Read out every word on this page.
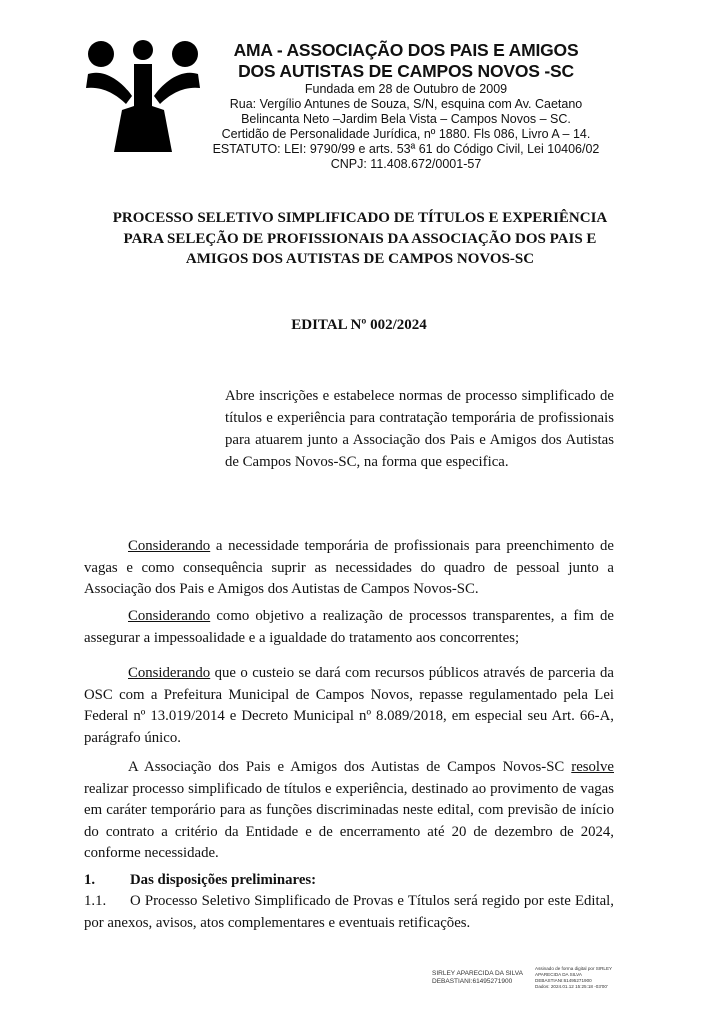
AMA - ASSOCIAÇÃO DOS PAIS E AMIGOS

DOS AUTISTAS DE CAMPOS NOVOS -SC

Fundada em 28 de Outubro de 2009

Rua: Vergílio Antunes de Souza, S/N, esquina com Av. Caetano

Belincanta Neto –Jardim Bela Vista – Campos Novos – SC.

Certidão de Personalidade Jurídica, nº 1880. Fls 086, Livro A – 14.

ESTATUTO: LEI: 9790/99 e arts. 53ª 61 do Código Civil, Lei 10406/02

CNPJ: 11.408.672/0001-57

PROCESSO SELETIVO SIMPLIFICADO DE TÍTULOS E EXPERIÊNCIA
PARA SELEÇÃO DE PROFISSIONAIS DA ASSOCIAÇÃO DOS PAIS E
AMIGOS DOS AUTISTAS DE CAMPOS NOVOS-SC
EDITAL Nº 002/2024
Abre inscrições e estabelece normas de processo simplificado de títulos e experiência para contratação temporária de profissionais para atuarem junto a Associação dos Pais e Amigos dos Autistas de Campos Novos-SC, na forma que especifica.
Considerando a necessidade temporária de profissionais para preenchimento de vagas e como consequência suprir as necessidades do quadro de pessoal junto a Associação dos Pais e Amigos dos Autistas de Campos Novos-SC.
Considerando como objetivo a realização de processos transparentes, a fim de assegurar a impessoalidade e a igualdade do tratamento aos concorrentes;
Considerando que o custeio se dará com recursos públicos através de parceria da OSC com a Prefeitura Municipal de Campos Novos, repasse regulamentado pela Lei Federal nº 13.019/2014 e Decreto Municipal nº 8.089/2018, em especial seu Art. 66-A, parágrafo único.
A Associação dos Pais e Amigos dos Autistas de Campos Novos-SC resolve realizar processo simplificado de títulos e experiência, destinado ao provimento de vagas em caráter temporário para as funções discriminadas neste edital, com previsão de início do contrato a critério da Entidade e de encerramento até 20 de dezembro de 2024, conforme necessidade.
1. Das disposições preliminares:
1.1. O Processo Seletivo Simplificado de Provas e Títulos será regido por este Edital, por anexos, avisos, atos complementares e eventuais retificações.
SIRLEY APARECIDA DA SILVA
DEBASTIANI:61495271900
Assinado de forma digital por SIRLEY
APARECIDA DA SILVA
DEBASTIANI:61495271900
Dados: 2024.01.12 15:25:18 -03'00'
